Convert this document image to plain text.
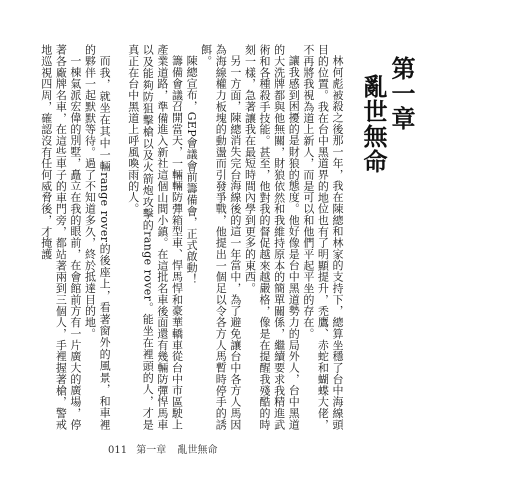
第一章
亂世無命

林何彪被殺之後那一年，我在陳總和林家的支持下，總算坐穩了台中海線頭目的位置。我在台中黑道界的地位也有了明顯提升，禿鷹、赤蛇和蝴蝶大佬，不再將我視為道上新人，而是可以和他們平起平坐的存在。

讓我感到困擾的是財狼的態度。他好像是台中黑道勢力的局外人，台中黑道的大洗牌都與他無關，財狼依然和我維持原本的簡單關係，繼續要求我精進武術和各種殺手技能。甚至，他對我的督促越來越嚴格，像是在提醒我殘酷的時刻一樣，急著讓我在最短時間內學到更多的東西。

另一方面，陳總消失完台海線後的這一年當中，為了避免讓台中各方人馬因為海線權力板塊的動盪而引發爭戰，他提出一個足以令各方人馬暫時停手的誘餌。

陳總宣布，GEP會議會前籌備會，正式啟動！

籌備會議召開當天，一輛輛防彈箱型車、悍馬悍和豪華轎車從台中市區駛上產業道路，準備進入新社這個山間小鎮。在這批名車後面還有幾輛防彈悍馬車以及能夠防狙擊槍以及火箭炮攻擊的range rover。能坐在裡頭的人，才是真正在台中黑道上呼風喚雨的人。

而我，就坐在其中一輛range rover的後座上，看著窗外的風景，和車裡的夥伴一起默默等待。過了不知道多久，終於抵達目的地。

一棟氣派宏偉的別墅，矗立在我的眼前，在會館前方有一片廣大的廣場，停著各廠牌名車，在這些車子的車門旁，都站著兩到三個人，手裡握著槍，警戒地巡視四周，確認沒有任何威脅後，才掩護

011 第一章 亂世無命
